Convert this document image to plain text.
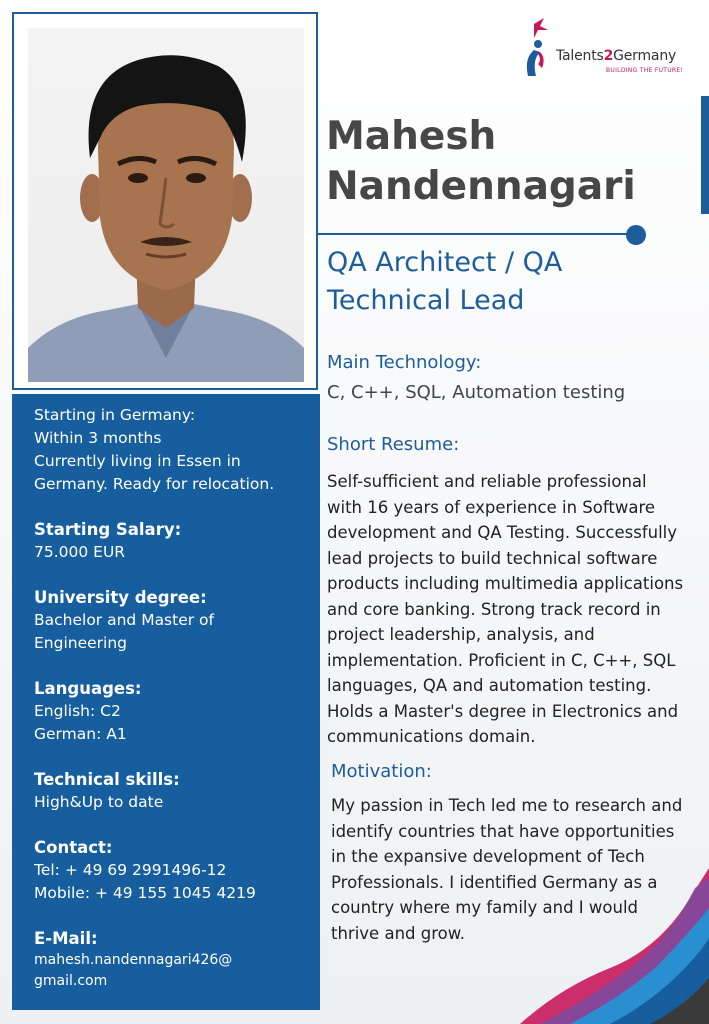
Starting in Germany:
Within 3 months
Currently living in Essen in
Germany. Ready for relocation.
Starting Salary:
75.000 EUR
University degree:
Bachelor and Master of
Engineering
Languages:
English: C2
German: A1
Technical skills:
High&Up to date
Contact:
Tel: + 49 69 2991496-12
Mobile: + 49 155 1045 4219
E-Mail:
mahesh.nandennagari426@
gmail.com
Talents2Germany
BUILDING THE FUTURE!
Mahesh
Nandennagari
QA Architect / QA
Technical Lead
Main Technology:
C, C++, SQL, Automation testing
Short Resume:
Self-sufficient and reliable professional
with 16 years of experience in Software
development and QA Testing. Successfully
lead projects to build technical software
products including multimedia applications
and core banking. Strong track record in
project leadership, analysis, and
implementation. Proficient in C, C++, SQL
languages, QA and automation testing.
Holds a Master's degree in Electronics and
communications domain.
Motivation:
My passion in Tech led me to research and
identify countries that have opportunities
in the expansive development of Tech
Professionals. I identified Germany as a
country where my family and I would
thrive and grow.
